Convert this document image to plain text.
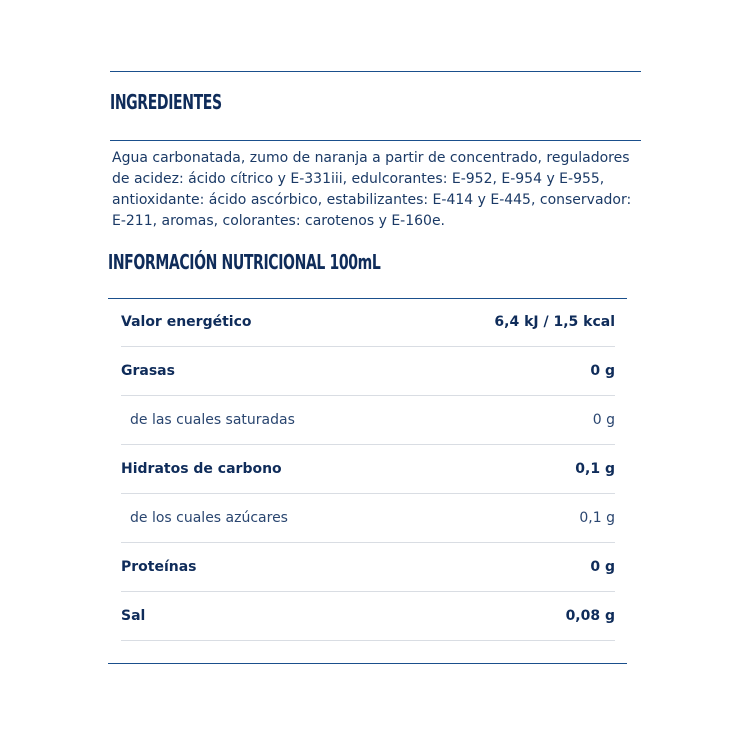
INGREDIENTES
Agua carbonatada, zumo de naranja a partir de concentrado, reguladores de acidez: ácido cítrico y E-331iii, edulcorantes: E-952, E-954 y E-955, antioxidante: ácido ascórbico, estabilizantes: E-414 y E-445, conservador: E-211, aromas, colorantes: carotenos y E-160e.
INFORMACIÓN NUTRICIONAL 100mL
Valor energético	6,4 kJ / 1,5 kcal
Grasas	0 g
de las cuales saturadas	0 g
Hidratos de carbono	0,1 g
de los cuales azúcares	0,1 g
Proteínas	0 g
Sal	0,08 g
